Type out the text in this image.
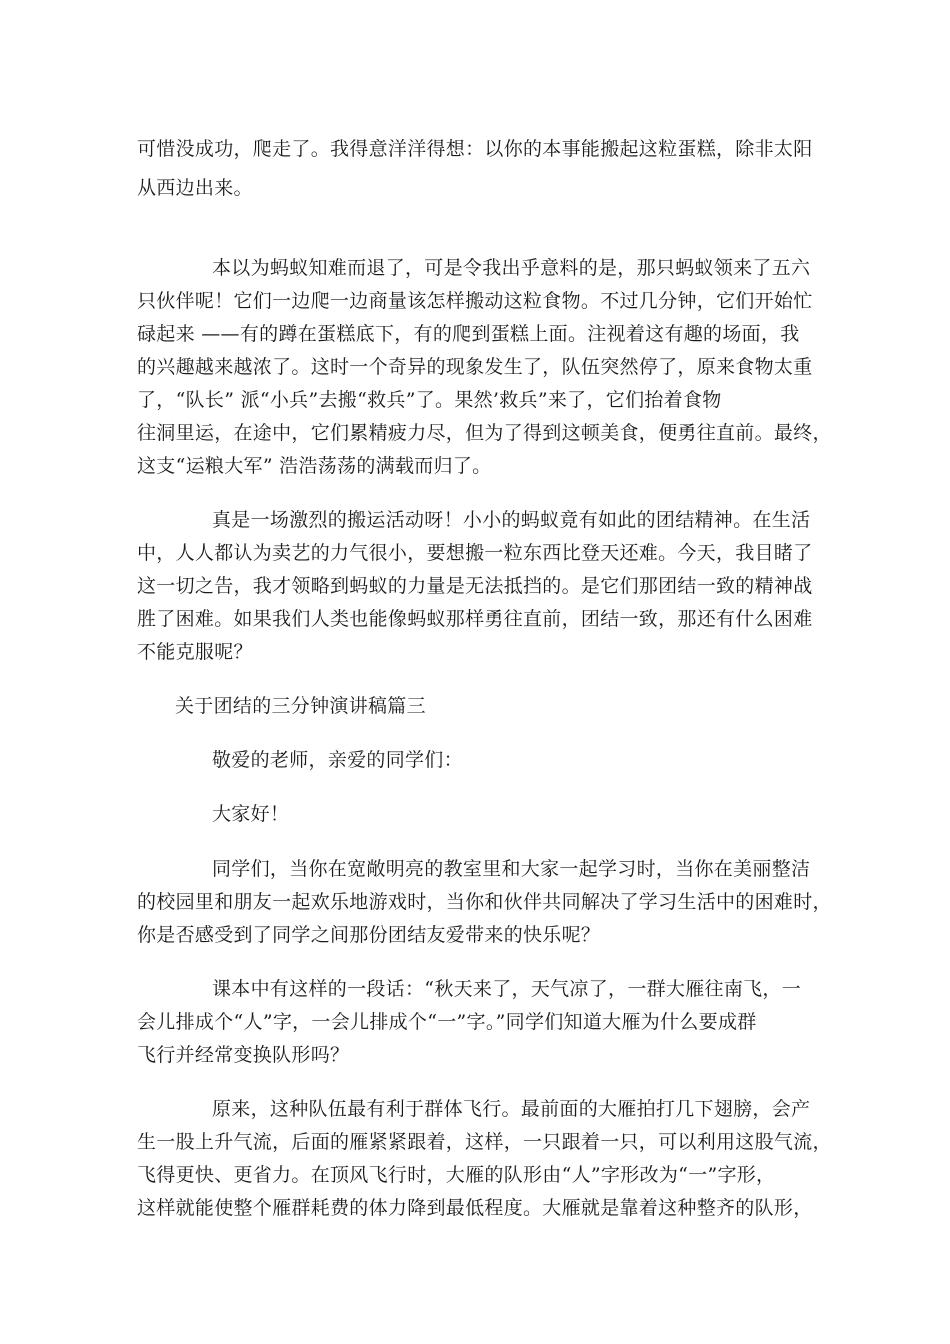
可惜没成功，爬走了。我得意洋洋得想：以你的本事能搬起这粒蛋糕，除非太阳
从西边出来。
本以为蚂蚁知难而退了，可是令我出乎意料的是，那只蚂蚁领来了五六
只伙伴呢！它们一边爬一边商量该怎样搬动这粒食物。不过几分钟，它们开始忙
碌起来 ——有的蹲在蛋糕底下，有的爬到蛋糕上面。注视着这有趣的场面，我
的兴趣越来越浓了。这时一个奇异的现象发生了，队伍突然停了，原来食物太重
了，“队长” 派“小兵”去搬“救兵”了。果然’救兵”来了，它们抬着食物
往洞里运，在途中，它们累精疲力尽，但为了得到这顿美食，便勇往直前。最终，
这支“运粮大军” 浩浩荡荡的满载而归了。
真是一场激烈的搬运活动呀！小小的蚂蚁竟有如此的团结精神。在生活
中，人人都认为卖艺的力气很小，要想搬一粒东西比登天还难。今天，我目睹了
这一切之告，我才领略到蚂蚁的力量是无法抵挡的。是它们那团结一致的精神战
胜了困难。如果我们人类也能像蚂蚁那样勇往直前，团结一致，那还有什么困难
不能克服呢？
关于团结的三分钟演讲稿篇三
敬爱的老师，亲爱的同学们：
大家好！
同学们，当你在宽敞明亮的教室里和大家一起学习时，当你在美丽整洁
的校园里和朋友一起欢乐地游戏时，当你和伙伴共同解决了学习生活中的困难时，
你是否感受到了同学之间那份团结友爱带来的快乐呢？
课本中有这样的一段话：“秋天来了，天气凉了，一群大雁往南飞，一
会儿排成个“人”字，一会儿排成个“一”字。”同学们知道大雁为什么要成群
飞行并经常变换队形吗？
原来，这种队伍最有利于群体飞行。最前面的大雁拍打几下翅膀，会产
生一股上升气流，后面的雁紧紧跟着，这样，一只跟着一只，可以利用这股气流，
飞得更快、更省力。在顶风飞行时，大雁的队形由“人”字形改为“一”字形，
这样就能使整个雁群耗费的体力降到最低程度。大雁就是靠着这种整齐的队形，
